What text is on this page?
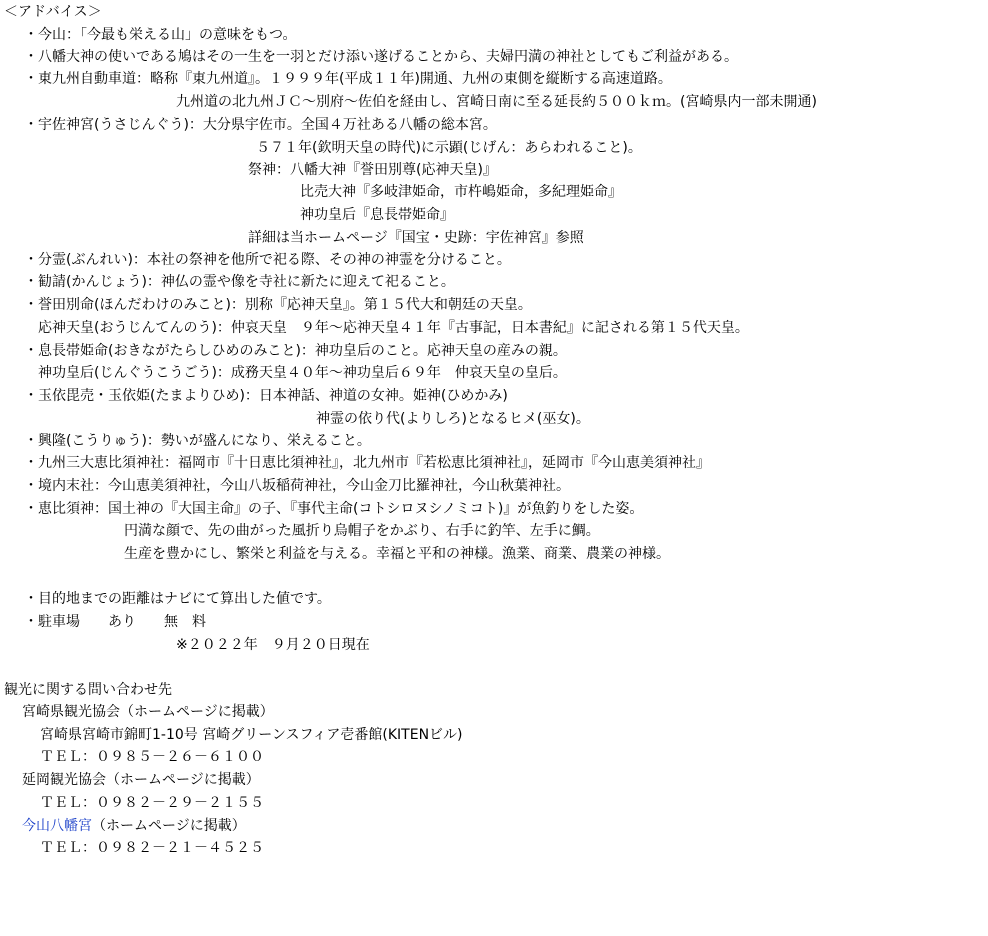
＜アドバイス＞
・今山：「今最も栄える山」の意味をもつ。
・八幡大神の使いである鳩はその一生を一羽とだけ添い遂げることから、夫婦円満の神社としてもご利益がある。
・東九州自動車道：略称『東九州道』。１９９９年(平成１１年)開通、九州の東側を縦断する高速道路。
九州道の北九州ＪＣ～別府～佐伯を経由し、宮崎日南に至る延長約５００ｋｍ。(宮崎県内一部未開通)
・宇佐神宮(うさじんぐう)：大分県宇佐市。全国４万社ある八幡の総本宮。
５７１年(欽明天皇の時代)に示顕(じげん：あらわれること)。
祭神：八幡大神『誉田別尊(応神天皇)』
比売大神『多岐津姫命，市杵嶋姫命，多紀理姫命』
神功皇后『息長帯姫命』
詳細は当ホームページ『国宝・史跡：宇佐神宮』参照
・分霊(ぶんれい)：本社の祭神を他所で祀る際、その神の神霊を分けること。
・勧請(かんじょう)：神仏の霊や像を寺社に新たに迎えて祀ること。
・誉田別命(ほんだわけのみこと)：別称『応神天皇』。第１５代大和朝廷の天皇。
応神天皇(おうじんてんのう)：仲哀天皇　９年～応神天皇４１年『古事記，日本書紀』に記される第１５代天皇。
・息長帯姫命(おきながたらしひめのみこと)：神功皇后のこと。応神天皇の産みの親。
神功皇后(じんぐうこうごう)：成務天皇４０年～神功皇后６９年　仲哀天皇の皇后。
・玉依毘売・玉依姫(たまよりひめ)：日本神話、神道の女神。姫神(ひめかみ)
神霊の依り代(よりしろ)となるヒメ(巫女)。
・興隆(こうりゅう)：勢いが盛んになり、栄えること。
・九州三大恵比須神社：福岡市『十日恵比須神社』，北九州市『若松恵比須神社』，延岡市『今山恵美須神社』
・境内末社：今山恵美須神社，今山八坂稲荷神社，今山金刀比羅神社，今山秋葉神社。
・恵比須神：国土神の『大国主命』の子、『事代主命(コトシロヌシノミコト)』が魚釣りをした姿。
円満な顔で、先の曲がった風折り烏帽子をかぶり、右手に釣竿、左手に鯛。
生産を豊かにし、繁栄と利益を与える。幸福と平和の神様。漁業、商業、農業の神様。
・目的地までの距離はナビにて算出した値です。
・駐車場　　あり　　無　料
※２０２２年　９月２０日現在
観光に関する問い合わせ先
宮崎県観光協会（ホームページに掲載）
宮崎県宮崎市錦町1-10号 宮崎グリーンスフィア壱番館(KITENビル)
ＴＥＬ：０９８５－２６－６１００
延岡観光協会（ホームページに掲載）
ＴＥＬ：０９８２－２９－２１５５
今山八幡宮（ホームページに掲載）
ＴＥＬ：０９８２－２１－４５２５
